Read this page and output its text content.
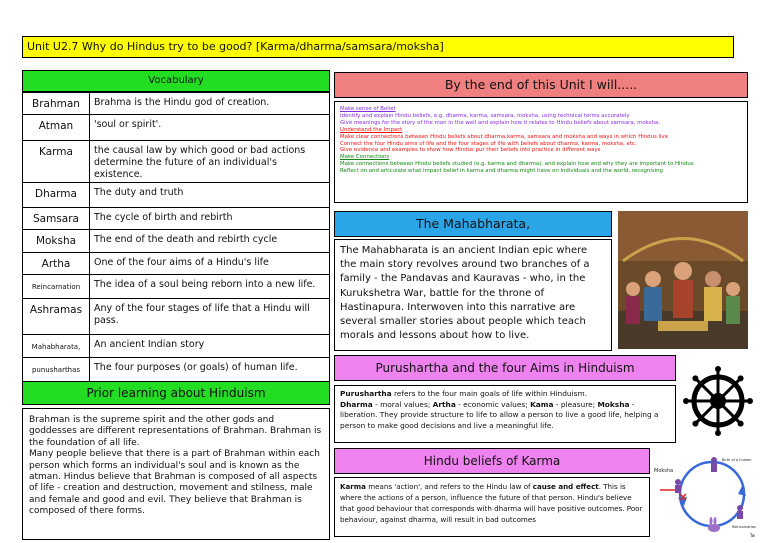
Unit U2.7 Why do Hindus try to be good? [Karma/dharma/samsara/moksha]
Vocabulary
Brahman	Brahma is the Hindu god of creation.
Atman	'soul or spirit'.
Karma	the causal law by which good or bad actions determine the future of an individual's existence.
Dharma	The duty and truth
Samsara	The cycle of birth and rebirth
Moksha	The end of the death and rebirth cycle
Artha	One of the four aims of a Hindu's life
Reincarnation	The idea of a soul being reborn into a new life.
Ashramas	Any of the four stages of life that a Hindu will pass.
Mahabharata,	An ancient Indian story
punusharthas	The four purposes (or goals) of human life.
Prior learning about Hinduism
Brahman is the supreme spirit and the other gods and goddesses are different representations of Brahman. Brahman is the foundation of all life.
Many people believe that there is a part of Brahman within each person which forms an individual's soul and is known as the atman. Hindus believe that Brahman is composed of all aspects of life - creation and destruction, movement and stilness, male and female and good and evil. They believe that Brahman is composed of there forms.
By the end of this Unit I will.....
Make sense of Belief
Identify and explain Hindu beliefs, e.g. dharma, karma, samsara, moksha, using technical terms accurately
Give meanings for the story of the man in the well and explain how it relates to Hindu beliefs about samsara, moksha,
Understand the Impact
Make clear connections between Hindu beliefs about dharma,karma, samsara and moksha and ways in which Hindus live
Connect the four Hindu aims of life and the four stages of life with beliefs about dharma, karma, moksha, etc.
Give evidence and examples to show how Hindus put their beliefs into practice in different ways
Make Connections
Make connections between Hindu beliefs studied (e.g. karma and dharma), and explain how and why they are important to Hindus
Reflect on and articulate what impact belief in karma and dharma might have on individuals and the world, recognising
The Mahabharata,
The Mahabharata is an ancient Indian epic where the main story revolves around two branches of a family - the Pandavas and Kauravas - who, in the Kurukshetra War, battle for the throne of Hastinapura. Interwoven into this narrative are several smaller stories about people which teach morals and lessons about how to live.
Purushartha and the four Aims in Hinduism
Purushartha refers to the four main goals of life within Hinduism.
Dharma - moral values; Artha - economic values; Kama - pleasure; Moksha - liberation. They provide structure to life to allow a person to live a good life, helping a person to make good decisions and live a meaningful life.
Hindu beliefs of Karma
Karma means 'action', and refers to the Hindu law of cause and effect. This is where the actions of a person, influence the future of that person. Hindu's believe that good behaviour that corresponds with dharma will have positive outcomes. Poor behaviour, against dharma, will result in bad outcomes
Moksha
Birth of a human
Reincarnation
Tw
